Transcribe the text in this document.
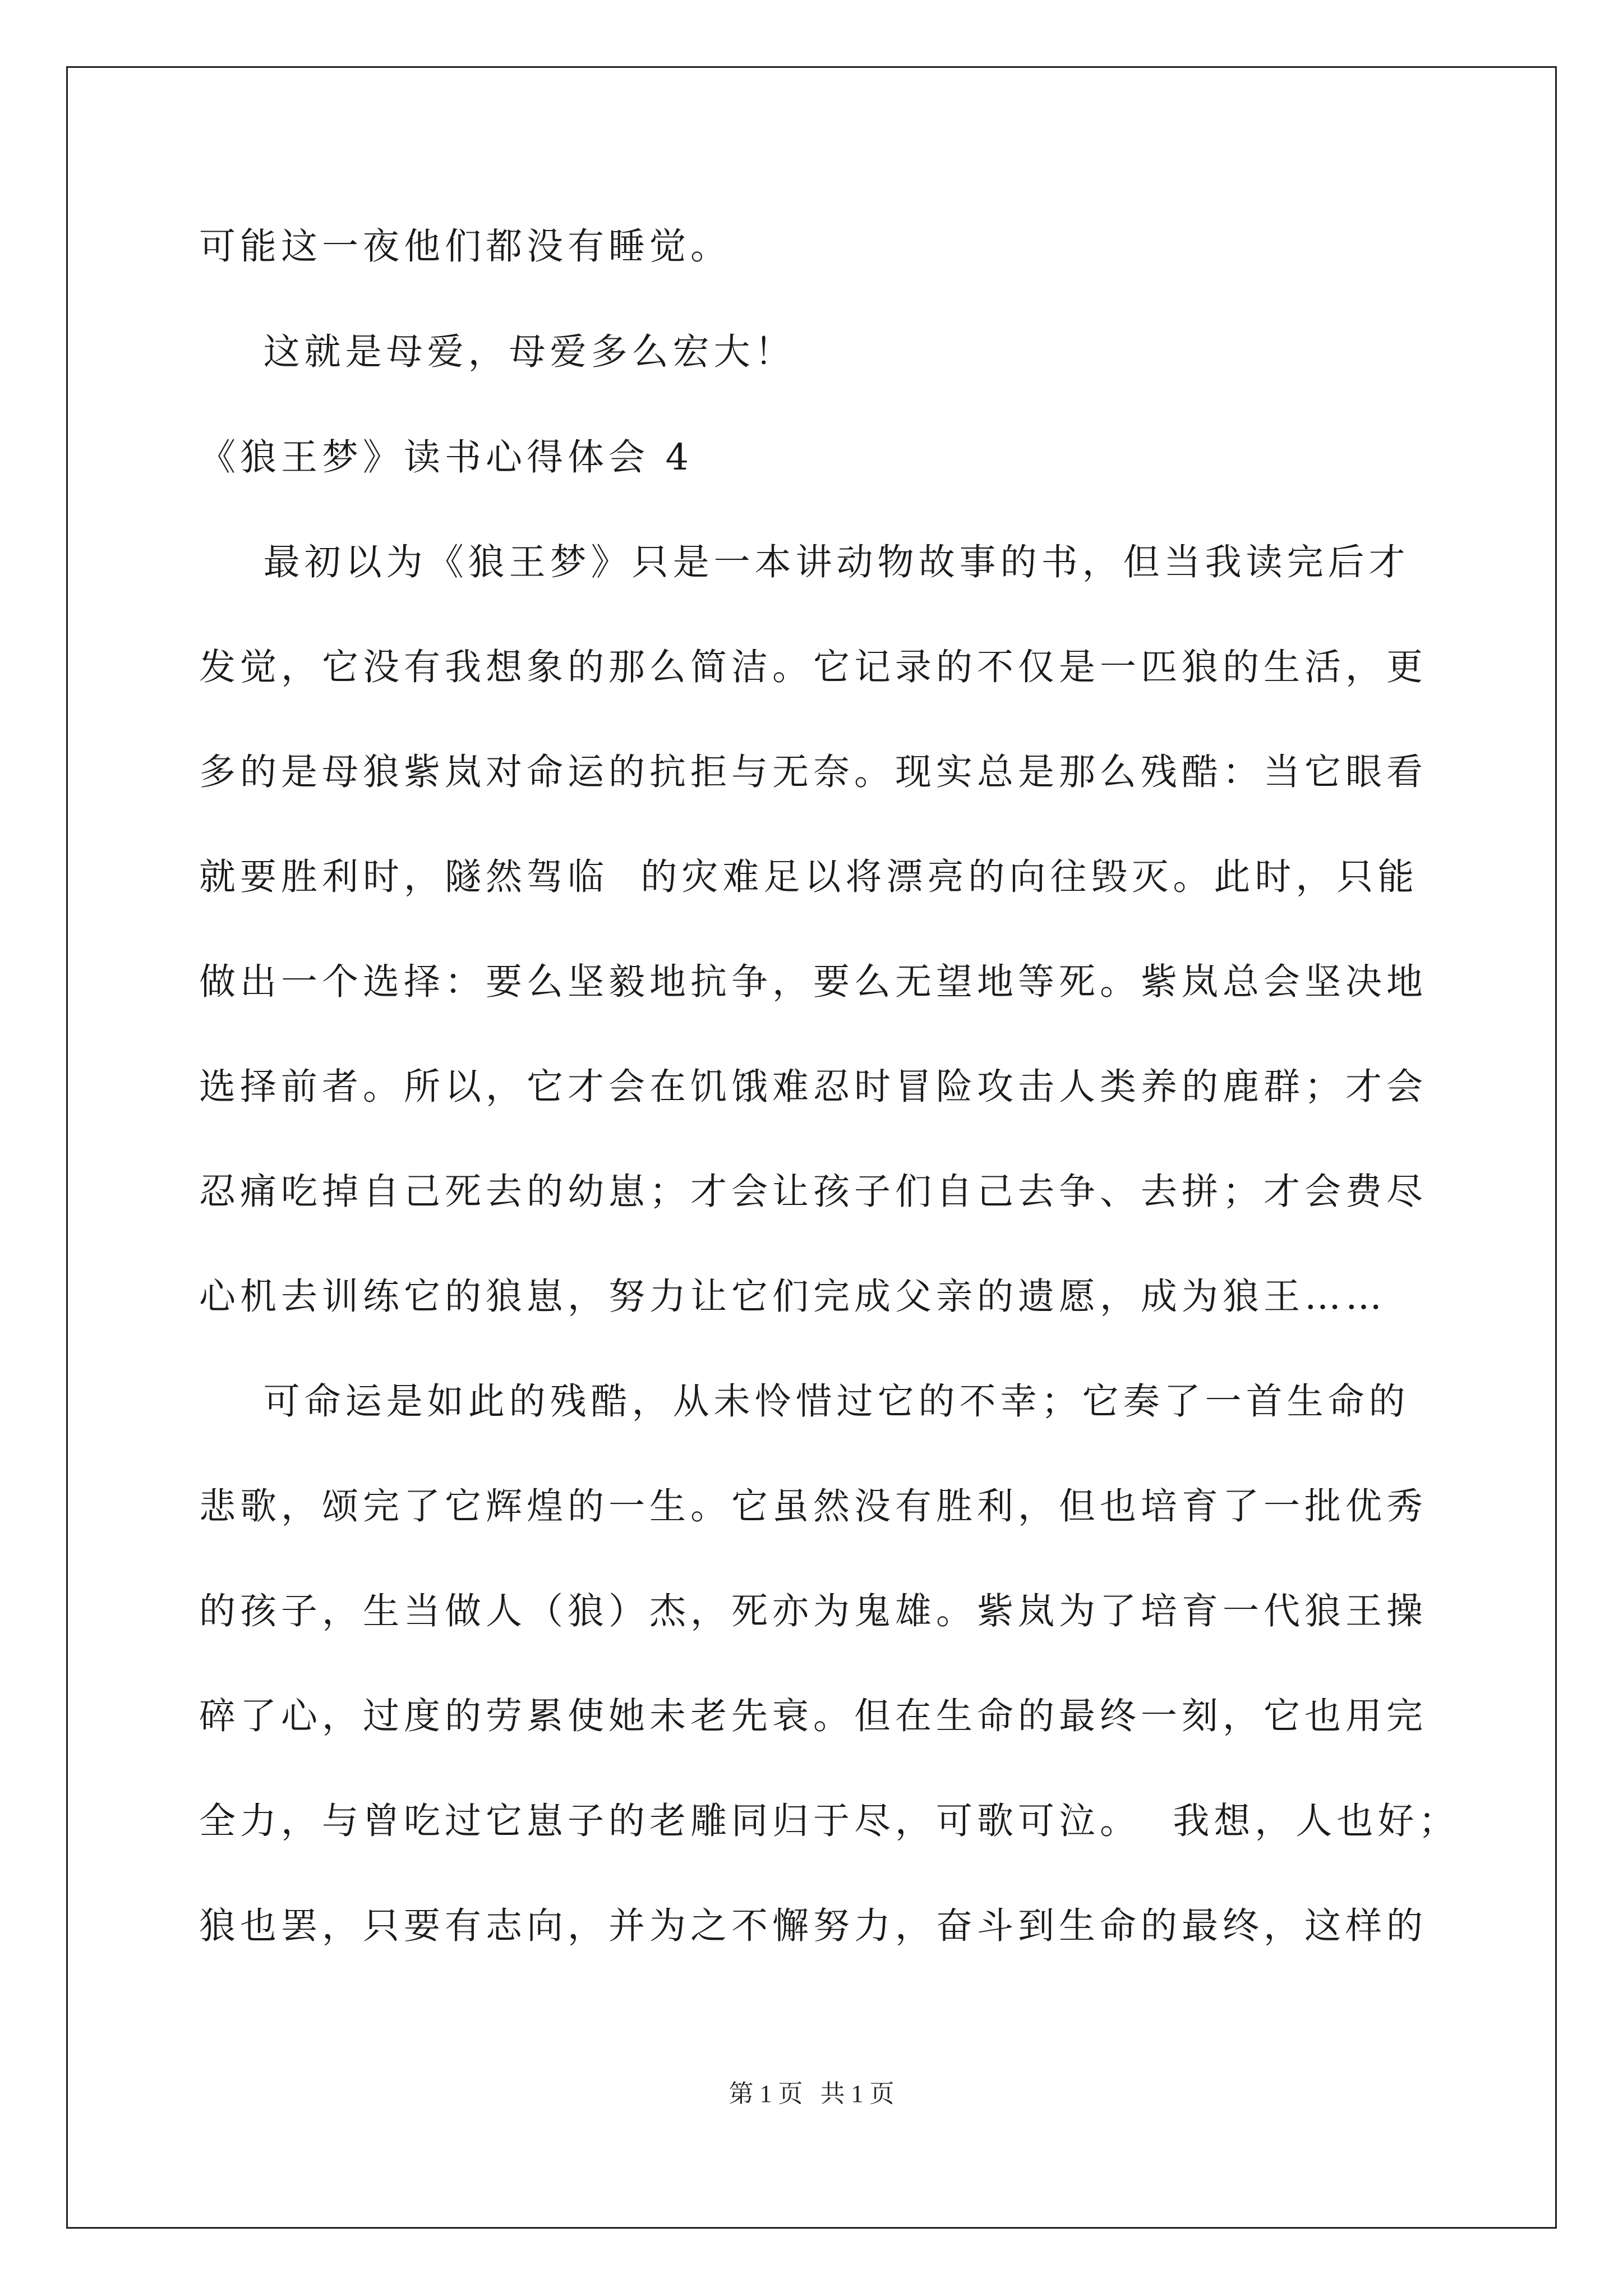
可能这一夜他们都没有睡觉。
这就是母爱，母爱多么宏大！
《狼王梦》读书心得体会 4
最初以为《狼王梦》只是一本讲动物故事的书，但当我读完后才
发觉，它没有我想象的那么简洁。它记录的不仅是一匹狼的生活，更
多的是母狼紫岚对命运的抗拒与无奈。现实总是那么残酷：当它眼看
就要胜利时，隧然驾临  的灾难足以将漂亮的向往毁灭。此时，只能
做出一个选择：要么坚毅地抗争，要么无望地等死。紫岚总会坚决地
选择前者。所以，它才会在饥饿难忍时冒险攻击人类养的鹿群；才会
忍痛吃掉自己死去的幼崽；才会让孩子们自己去争、去拼；才会费尽
心机去训练它的狼崽，努力让它们完成父亲的遗愿，成为狼王……
可命运是如此的残酷，从未怜惜过它的不幸；它奏了一首生命的
悲歌，颂完了它辉煌的一生。它虽然没有胜利，但也培育了一批优秀
的孩子，生当做人（狼）杰，死亦为鬼雄。紫岚为了培育一代狼王操
碎了心，过度的劳累使她未老先衰。但在生命的最终一刻，它也用完
全力，与曾吃过它崽子的老雕同归于尽，可歌可泣。  我想，人也好；
狼也罢，只要有志向，并为之不懈努力，奋斗到生命的最终，这样的
第 1 页 共 1 页
